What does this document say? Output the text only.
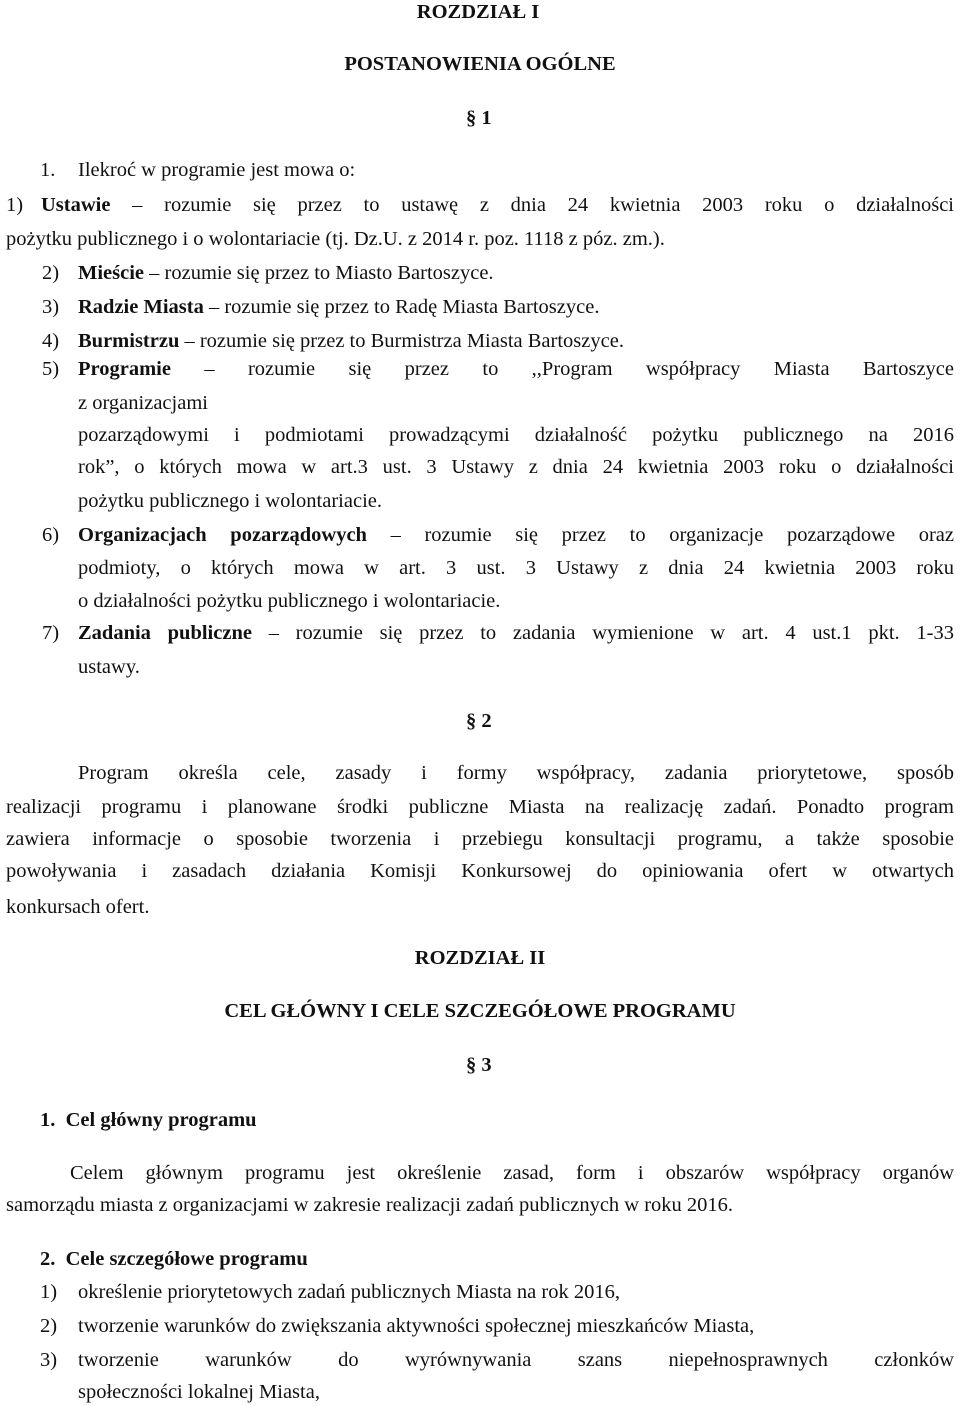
ROZDZIAŁ I
POSTANOWIENIA OGÓLNE
§ 1
1. Ilekroć w programie jest mowa o:
1) Ustawie – rozumie się przez to ustawę z dnia 24 kwietnia 2003 roku o działalności
pożytku publicznego i o wolontariacie (tj. Dz.U. z 2014 r. poz. 1118 z póz. zm.).
2) Mieście – rozumie się przez to Miasto Bartoszyce.
3) Radzie Miasta – rozumie się przez to Radę Miasta Bartoszyce.
4) Burmistrzu – rozumie się przez to Burmistrza Miasta Bartoszyce.
5) Programie – rozumie się przez to ,,Program współpracy Miasta Bartoszyce
z organizacjami
pozarządowymi i podmiotami prowadzącymi działalność pożytku publicznego na 2016
rok”, o których mowa w art.3 ust. 3 Ustawy z dnia 24 kwietnia 2003 roku o działalności
pożytku publicznego i wolontariacie.
6) Organizacjach pozarządowych – rozumie się przez to organizacje pozarządowe oraz
podmioty, o których mowa w art. 3 ust. 3 Ustawy z dnia 24 kwietnia 2003 roku
o działalności pożytku publicznego i wolontariacie.
7) Zadania publiczne – rozumie się przez to zadania wymienione w art. 4 ust.1 pkt. 1-33
ustawy.
§ 2
Program określa cele, zasady i formy współpracy, zadania priorytetowe, sposób
realizacji programu i planowane środki publiczne Miasta na realizację zadań. Ponadto program
zawiera informacje o sposobie tworzenia i przebiegu konsultacji programu, a także sposobie
powoływania i zasadach działania Komisji Konkursowej do opiniowania ofert w otwartych
konkursach ofert.
ROZDZIAŁ II
CEL GŁÓWNY I CELE SZCZEGÓŁOWE PROGRAMU
§ 3
1.  Cel główny programu
Celem głównym programu jest określenie zasad, form i obszarów współpracy organów
samorządu miasta z organizacjami w zakresie realizacji zadań publicznych w roku 2016.
2.  Cele szczegółowe programu
1) określenie priorytetowych zadań publicznych Miasta na rok 2016,
2) tworzenie warunków do zwiększania aktywności społecznej mieszkańców Miasta,
3) tworzenie warunków do wyrównywania szans niepełnosprawnych członków
społeczności lokalnej Miasta,
